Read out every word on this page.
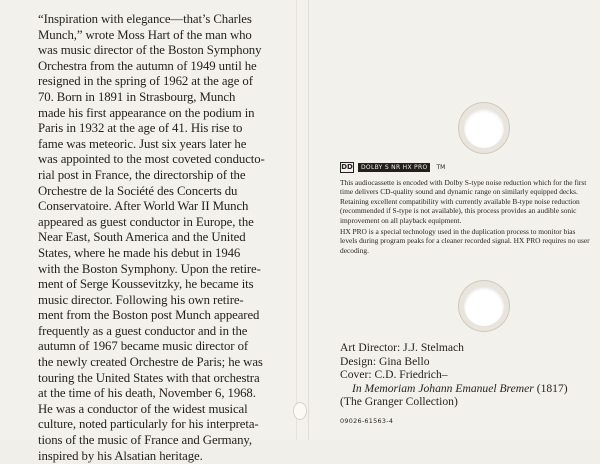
“Inspiration with elegance—that’s Charles

Munch,” wrote Moss Hart of the man who

was music director of the Boston Symphony

Orchestra from the autumn of 1949 until he

resigned in the spring of 1962 at the age of

70. Born in 1891 in Strasbourg, Munch

made his first appearance on the podium in

Paris in 1932 at the age of 41. His rise to

fame was meteoric. Just six years later he

was appointed to the most coveted conducto-

rial post in France, the directorship of the

Orchestre de la Société des Concerts du

Conservatoire. After World War II Munch

appeared as guest conductor in Europe, the

Near East, South America and the United

States, where he made his debut in 1946

with the Boston Symphony. Upon the retire-

ment of Serge Koussevitzky, he became its

music director. Following his own retire-

ment from the Boston post Munch appeared

frequently as a guest conductor and in the

autumn of 1967 became music director of

the newly created Orchestre de Paris; he was

touring the United States with that orchestra

at the time of his death, November 6, 1968.

He was a conductor of the widest musical

culture, noted particularly for his interpreta-

tions of the music of France and Germany,

inspired by his Alsatian heritage.

DD	DOLBY S NR HX PRO	TM

This audiocassette is encoded with Dolby S-type noise reduction which for the first time delivers CD-quality sound and dynamic range on similarly equipped decks. Retaining excellent compatibility with currently available B-type noise reduction (recommended if S-type is not available), this process provides an audible sonic improvement on all playback equipment.

HX PRO is a special technology used in the duplication process to monitor bias levels during program peaks for a cleaner recorded signal. HX PRO requires no user decoding.

Art Director: J.J. Stelmach
Design: Gina Bello
Cover: C.D. Friedrich–
In Memoriam Johann Emanuel Bremer (1817)
(The Granger Collection)
09026-61563-4
